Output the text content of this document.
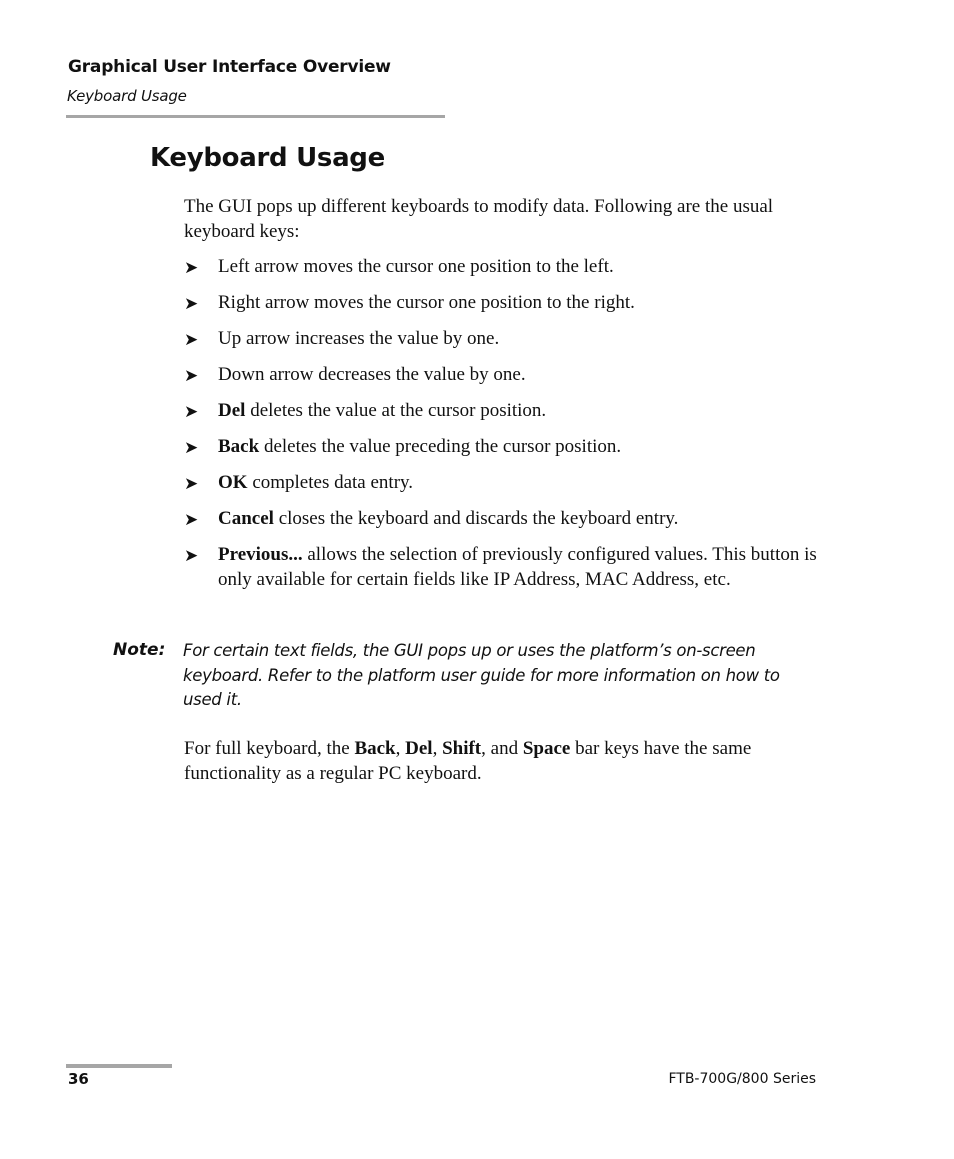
Graphical User Interface Overview
Keyboard Usage
Keyboard Usage

The GUI pops up different keyboards to modify data. Following are the usual keyboard keys:

➤ Left arrow moves the cursor one position to the left.
➤ Right arrow moves the cursor one position to the right.
➤ Up arrow increases the value by one.
➤ Down arrow decreases the value by one.
➤ Del deletes the value at the cursor position.
➤ Back deletes the value preceding the cursor position.
➤ OK completes data entry.
➤ Cancel closes the keyboard and discards the keyboard entry.
➤ Previous... allows the selection of previously configured values. This button is only available for certain fields like IP Address, MAC Address, etc.
Note: For certain text fields, the GUI pops up or uses the platform’s on-screen keyboard. Refer to the platform user guide for more information on how to used it.

For full keyboard, the Back, Del, Shift, and Space bar keys have the same functionality as a regular PC keyboard.

36	FTB-700G/800 Series
